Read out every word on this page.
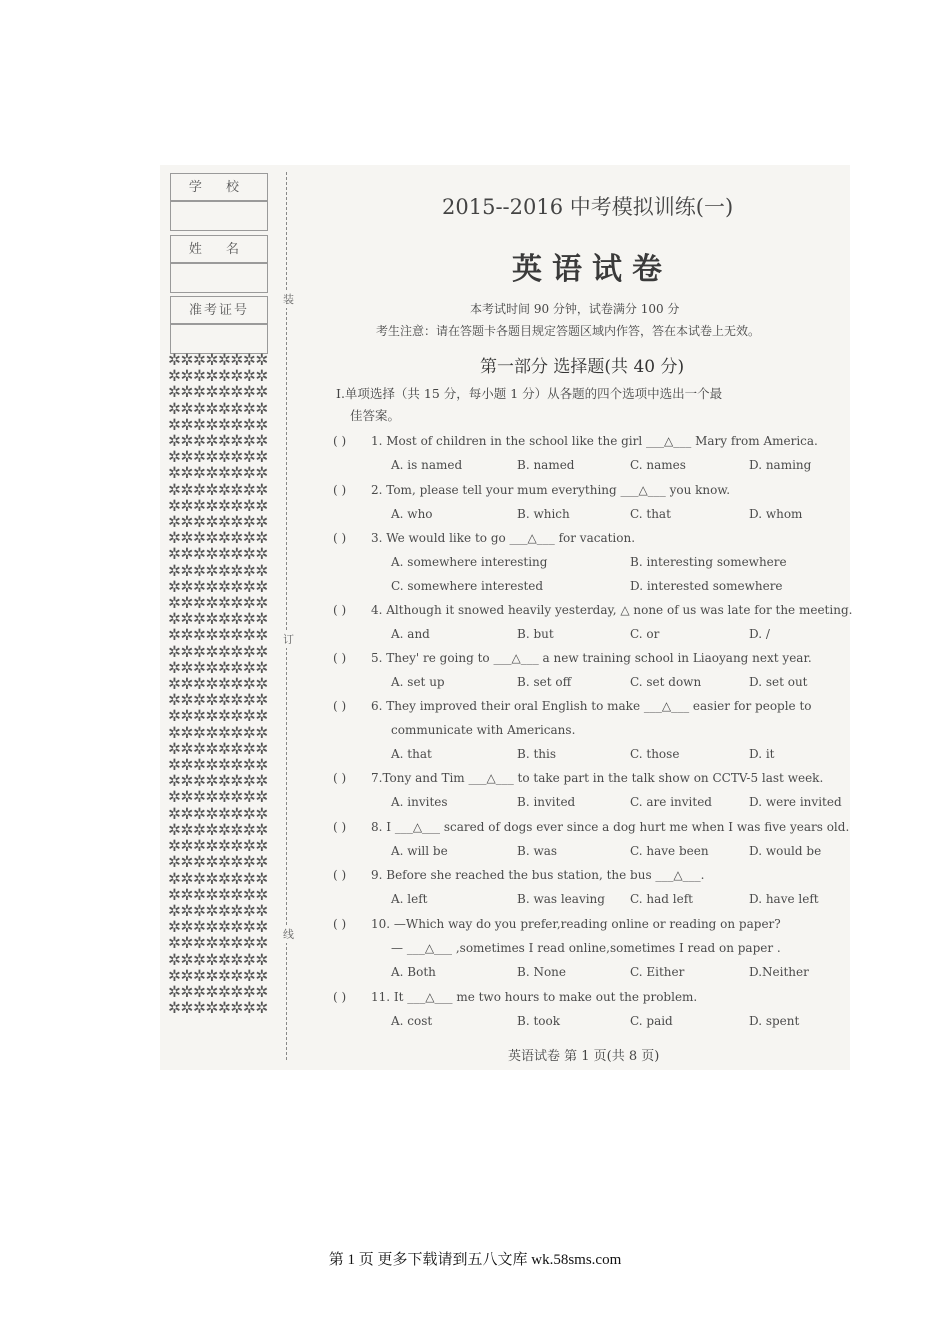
学 校
姓 名
准考证号
✲✲✲✲✲✲✲✲✲✲✲✲✲✲✲✲✲✲✲✲✲✲✲✲✲✲✲✲✲✲✲✲✲✲✲✲✲✲✲✲✲✲✲✲✲✲✲✲✲✲✲✲✲✲✲✲✲✲✲✲✲✲✲✲✲✲✲✲✲✲✲✲✲✲✲✲✲✲✲✲✲✲✲✲✲✲✲✲✲✲✲✲✲✲✲✲✲✲✲✲✲✲✲✲✲✲✲✲✲✲✲✲✲✲✲✲✲✲✲✲✲✲✲✲✲✲✲✲✲✲✲✲✲✲✲✲✲✲✲✲✲✲✲✲✲✲✲✲✲✲✲✲✲✲✲✲✲✲✲✲✲✲✲✲✲✲✲✲✲✲✲✲✲✲✲✲✲✲✲✲✲✲✲✲✲✲✲✲✲✲✲✲✲✲✲✲✲✲✲✲✲✲✲✲✲✲✲✲✲✲✲✲✲✲✲✲✲✲✲✲✲✲✲✲✲✲✲✲✲✲✲✲✲✲✲✲✲✲✲✲✲✲✲✲✲✲✲✲✲✲✲✲✲✲✲✲✲✲✲✲✲✲✲✲✲✲✲✲✲✲✲✲✲✲✲✲✲✲✲✲✲✲✲✲✲✲✲✲✲✲✲✲✲✲✲✲✲✲✲✲✲✲✲✲✲✲✲✲✲✲✲✲✲✲✲✲✲✲✲✲✲✲✲✲✲✲✲✲
装
订
线
2015--2016 中考模拟训练(一)
英语试卷
本考试时间 90 分钟，试卷满分 100 分
考生注意：请在答题卡各题目规定答题区域内作答，答在本试卷上无效。
第一部分 选择题(共 40 分)
Ⅰ.单项选择（共 15 分，每小题 1 分）从各题的四个选项中选出一个最
佳答案。
( ) 1. Most of children in the school like the girl ___△___ Mary from America.
A. is named	B. named	C. names	D. naming
( ) 2. Tom, please tell your mum everything ___△___ you know.
A. who	B. which	C. that	D. whom
( ) 3. We would like to go ___△___ for vacation.
A. somewhere interesting	B. interesting somewhere
C. somewhere interested	D. interested somewhere
( ) 4. Although it snowed heavily yesterday, △ none of us was late for the meeting.
A. and	B. but	C. or	D. /
( ) 5. They' re going to ___△___ a new training school in Liaoyang next year.
A. set up	B. set off	C. set down	D. set out
( ) 6. They improved their oral English to make ___△___ easier for people to
communicate with Americans.
A. that	B. this	C. those	D. it
( ) 7.Tony and Tim ___△___ to take part in the talk show on CCTV-5 last week.
A. invites	B. invited	C. are invited	D. were invited
( ) 8. I ___△___ scared of dogs ever since a dog hurt me when I was five years old.
A. will be	B. was	C. have been	D. would be
( ) 9. Before she reached the bus station, the bus ___△___.
A. left	B. was leaving C. had left	D. have left
( ) 10. —Which way do you prefer,reading online or reading on paper?
— ___△___ ,sometimes I read online,sometimes I read on paper .
A. Both	B. None	C. Either	D.Neither
( ) 11. It ___△___ me two hours to make out the problem.
A. cost	B. took	C. paid	D. spent
英语试卷 第 1 页(共 8 页)
第 1 页 更多下载请到五八文库 wk.58sms.com
